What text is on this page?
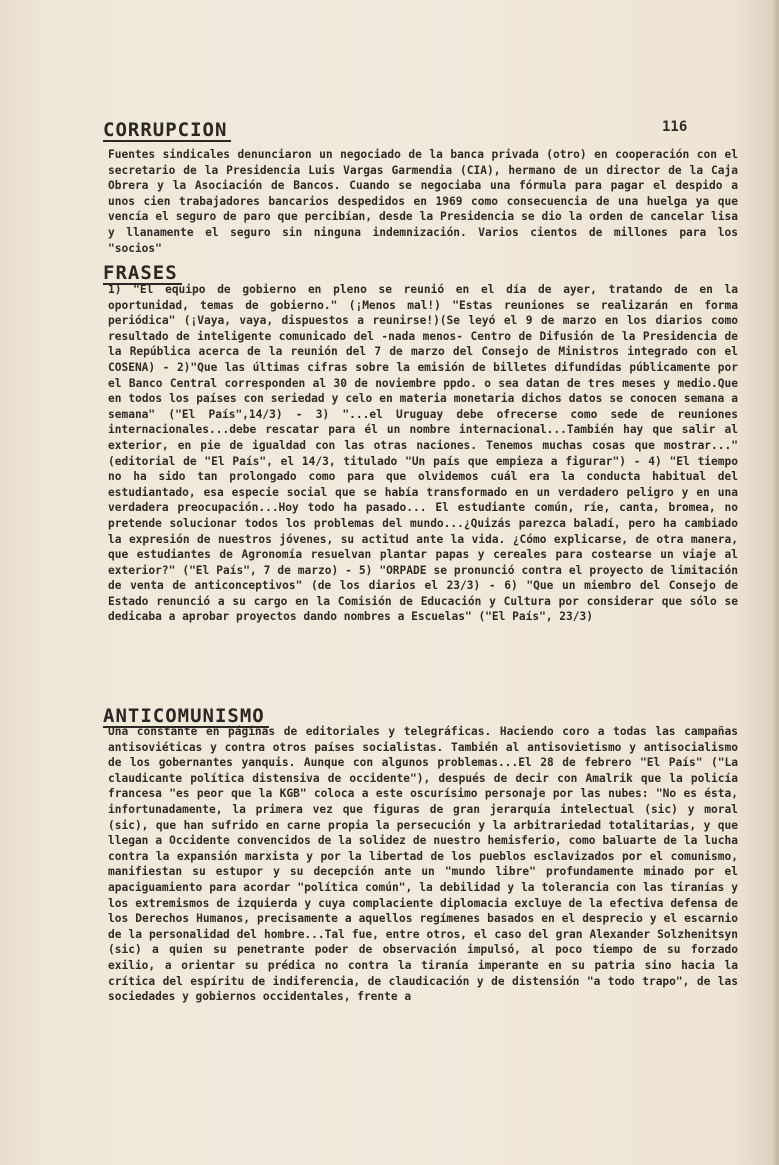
116
CORRUPCION
Fuentes sindicales denunciaron un negociado de la banca privada (otro) en cooperación con el secretario de la Presidencia Luis Vargas Garmendia (CIA), hermano de un director de la Caja Obrera y la Asociación de Bancos. Cuando se negociaba una fórmula para pagar el despido a unos cien trabajadores bancarios despedidos en 1969 como consecuencia de una huelga ya que vencía el seguro de paro que percibían, desde la Presidencia se dio la orden de cancelar lisa y llanamente el seguro sin ninguna indemnización. Varios cientos de millones para los "socios"
FRASES
1) "El equipo de gobierno en pleno se reunió en el día de ayer, tratando de en la oportunidad, temas de gobierno." (¡Menos mal!) "Estas reuniones se realizarán en forma periódica" (¡Vaya, vaya, dispuestos a reunirse!)(Se leyó el 9 de marzo en los diarios como resultado de inteligente comunicado del -nada menos- Centro de Difusión de la Presidencia de la República acerca de la reunión del 7 de marzo del Consejo de Ministros integrado con el COSENA) - 2)"Que las últimas cifras sobre la emisión de billetes difundidas públicamente por el Banco Central corresponden al 30 de noviembre ppdo. o sea datan de tres meses y medio.Que en todos los países con seriedad y celo en materia monetaria dichos datos se conocen semana a semana" ("El País",14/3) - 3) "...el Uruguay debe ofrecerse como sede de reuniones internacionales...debe rescatar para él un nombre internacional...También hay que salir al exterior, en pie de igualdad con las otras naciones. Tenemos muchas cosas que mostrar..."(editorial de "El País", el 14/3, titulado "Un país que empieza a figurar") - 4) "El tiempo no ha sido tan prolongado como para que olvidemos cuál era la conducta habitual del estudiantado, esa especie social que se había transformado en un verdadero peligro y en una verdadera preocupación...Hoy todo ha pasado... El estudiante común, ríe, canta, bromea, no pretende solucionar todos los problemas del mundo...¿Quizás parezca baladí, pero ha cambiado la expresión de nuestros jóvenes, su actitud ante la vida. ¿Cómo explicarse, de otra manera, que estudiantes de Agronomía resuelvan plantar papas y cereales para costearse un viaje al exterior?" ("El País", 7 de marzo) - 5) "ORPADE se pronunció contra el proyecto de limitación de venta de anticonceptivos" (de los diarios el 23/3) - 6) "Que un miembro del Consejo de Estado renunció a su cargo en la Comisión de Educación y Cultura por considerar que sólo se dedicaba a aprobar proyectos dando nombres a Escuelas" ("El País", 23/3)
ANTICOMUNISMO
Una constante en páginas de editoriales y telegráficas. Haciendo coro a todas las campañas antisoviéticas y contra otros países socialistas. También al antisovietismo y antisocialismo de los gobernantes yanquis. Aunque con algunos problemas...El 28 de febrero "El País" ("La claudicante política distensiva de occidente"), después de decir con Amalrik que la policía francesa "es peor que la KGB" coloca a este oscurísimo personaje por las nubes: "No es ésta, infortunadamente, la primera vez que figuras de gran jerarquía intelectual (sic) y moral (sic), que han sufrido en carne propia la persecución y la arbitrariedad totalitarias, y que llegan a Occidente convencidos de la solidez de nuestro hemisferio, como baluarte de la lucha contra la expansión marxista y por la libertad de los pueblos esclavizados por el comunismo, manifiestan su estupor y su decepción ante un "mundo libre" profundamente minado por el apaciguamiento para acordar "política común", la debilidad y la tolerancia con las tiranías y los extremismos de izquierda y cuya complaciente diplomacia excluye de la efectiva defensa de los Derechos Humanos, precisamente a aquellos regímenes basados en el desprecio y el escarnio de la personalidad del hombre...Tal fue, entre otros, el caso del gran Alexander Solzhenitsyn (sic) a quien su penetrante poder de observación impulsó, al poco tiempo de su forzado exilio, a orientar su prédica no contra la tiranía imperante en su patria sino hacia la crítica del espíritu de indiferencia, de claudicación y de distensión "a todo trapo", de las sociedades y gobiernos occidentales, frente a
